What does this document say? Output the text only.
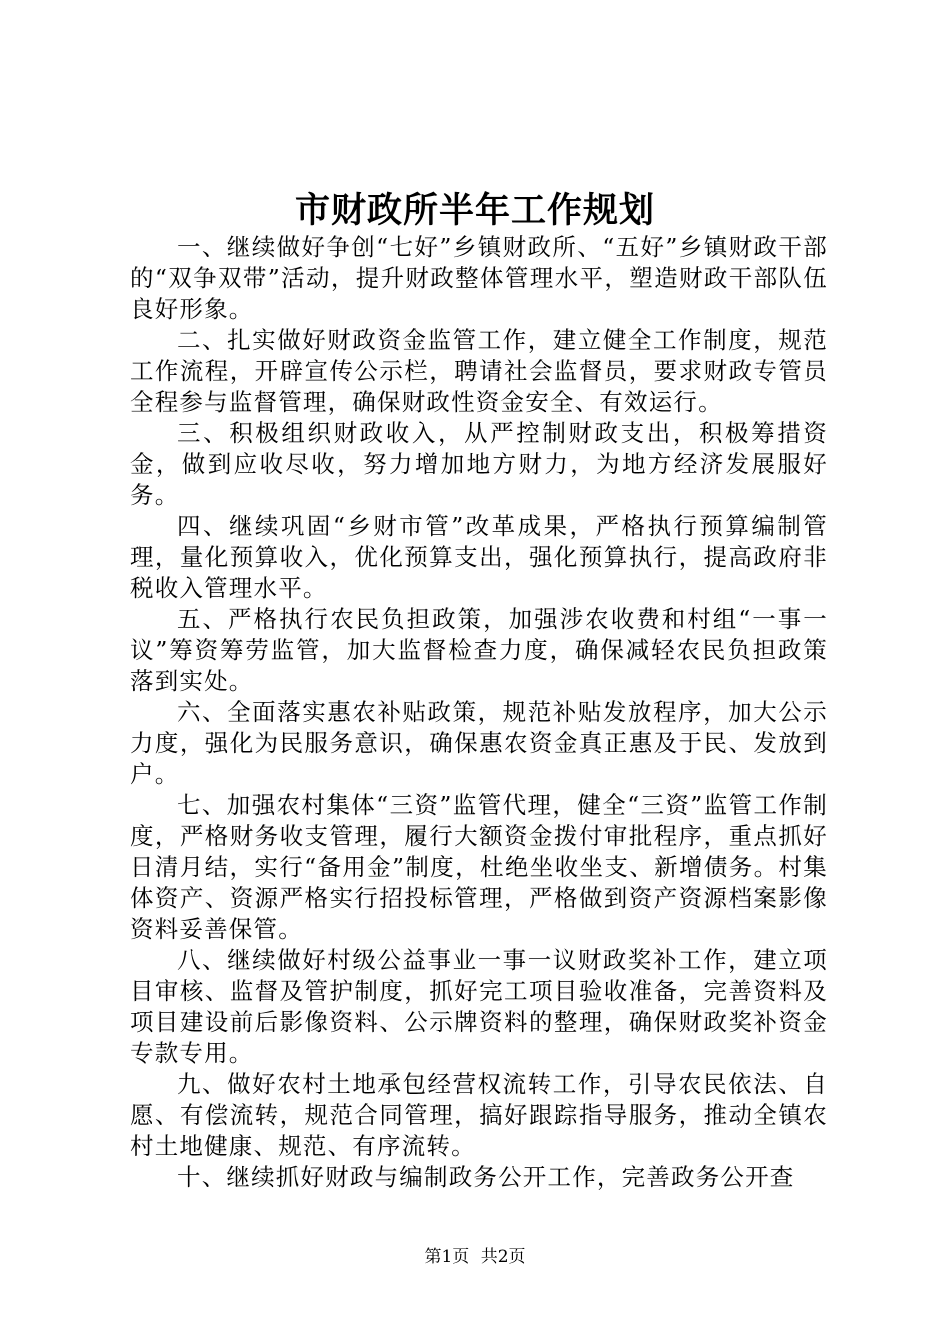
市财政所半年工作规划

一、继续做好争创“七好”乡镇财政所、“五好”乡镇财政干部的“双争双带”活动，提升财政整体管理水平，塑造财政干部队伍良好形象。

二、扎实做好财政资金监管工作，建立健全工作制度，规范工作流程，开辟宣传公示栏，聘请社会监督员，要求财政专管员全程参与监督管理，确保财政性资金安全、有效运行。

三、积极组织财政收入，从严控制财政支出，积极筹措资金，做到应收尽收，努力增加地方财力，为地方经济发展服好务。

四、继续巩固“乡财市管”改革成果，严格执行预算编制管理，量化预算收入，优化预算支出，强化预算执行，提高政府非税收入管理水平。

五、严格执行农民负担政策，加强涉农收费和村组“一事一议”筹资筹劳监管，加大监督检查力度，确保减轻农民负担政策落到实处。

六、全面落实惠农补贴政策，规范补贴发放程序，加大公示力度，强化为民服务意识，确保惠农资金真正惠及于民、发放到户。

七、加强农村集体“三资”监管代理，健全“三资”监管工作制度，严格财务收支管理，履行大额资金拨付审批程序，重点抓好日清月结，实行“备用金”制度，杜绝坐收坐支、新增债务。村集体资产、资源严格实行招投标管理，严格做到资产资源档案影像资料妥善保管。

八、继续做好村级公益事业一事一议财政奖补工作，建立项目审核、监督及管护制度，抓好完工项目验收准备，完善资料及项目建设前后影像资料、公示牌资料的整理，确保财政奖补资金专款专用。

九、做好农村土地承包经营权流转工作，引导农民依法、自愿、有偿流转，规范合同管理，搞好跟踪指导服务，推动全镇农村土地健康、规范、有序流转。

十、继续抓好财政与编制政务公开工作，完善政务公开查

第1页 共2页
